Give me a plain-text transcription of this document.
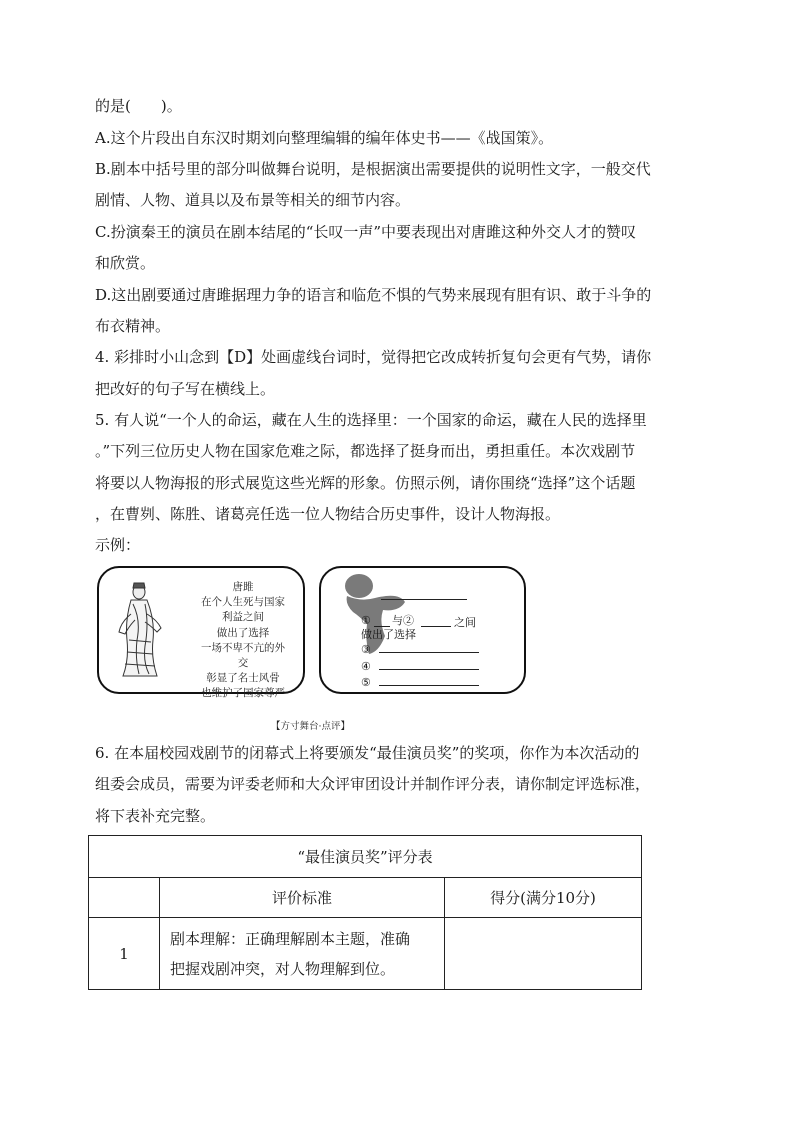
的是(　　)。
A.这个片段出自东汉时期刘向整理编辑的编年体史书——《战国策》。
B.剧本中括号里的部分叫做舞台说明，是根据演出需要提供的说明性文字，一般交代
剧情、人物、道具以及布景等相关的细节内容。
C.扮演秦王的演员在剧本结尾的“长叹一声”中要表现出对唐雎这种外交人才的赞叹
和欣赏。
D.这出剧要通过唐雎据理力争的语言和临危不惧的气势来展现有胆有识、敢于斗争的
布衣精神。
4. 彩排时小山念到【D】处画虚线台词时，觉得把它改成转折复句会更有气势，请你
把改好的句子写在横线上。
5. 有人说“一个人的命运，藏在人生的选择里：一个国家的命运，藏在人民的选择里
。”下列三位历史人物在国家危难之际，都选择了挺身而出，勇担重任。本次戏剧节
将要以人物海报的形式展览这些光辉的形象。仿照示例，请你围绕“选择”这个话题
，在曹刿、陈胜、诸葛亮任选一位人物结合历史事件，设计人物海报。
示例：
唐雎
在个人生死与国家
利益之间
做出了选择
一场不卑不亢的外
交
彰显了名士风骨
也维护了国家尊严
① 与②	之间
做出了选择
③
④
⑤
【方寸舞台·点评】
6. 在本届校园戏剧节的闭幕式上将要颁发“最佳演员奖”的奖项，你作为本次活动的
组委会成员，需要为评委老师和大众评审团设计并制作评分表，请你制定评选标准，
将下表补充完整。
“最佳演员奖”评分表		
	评价标准	得分(满分10分)
1	剧本理解：正确理解剧本主题，准确
把握戏剧冲突，对人物理解到位。	
